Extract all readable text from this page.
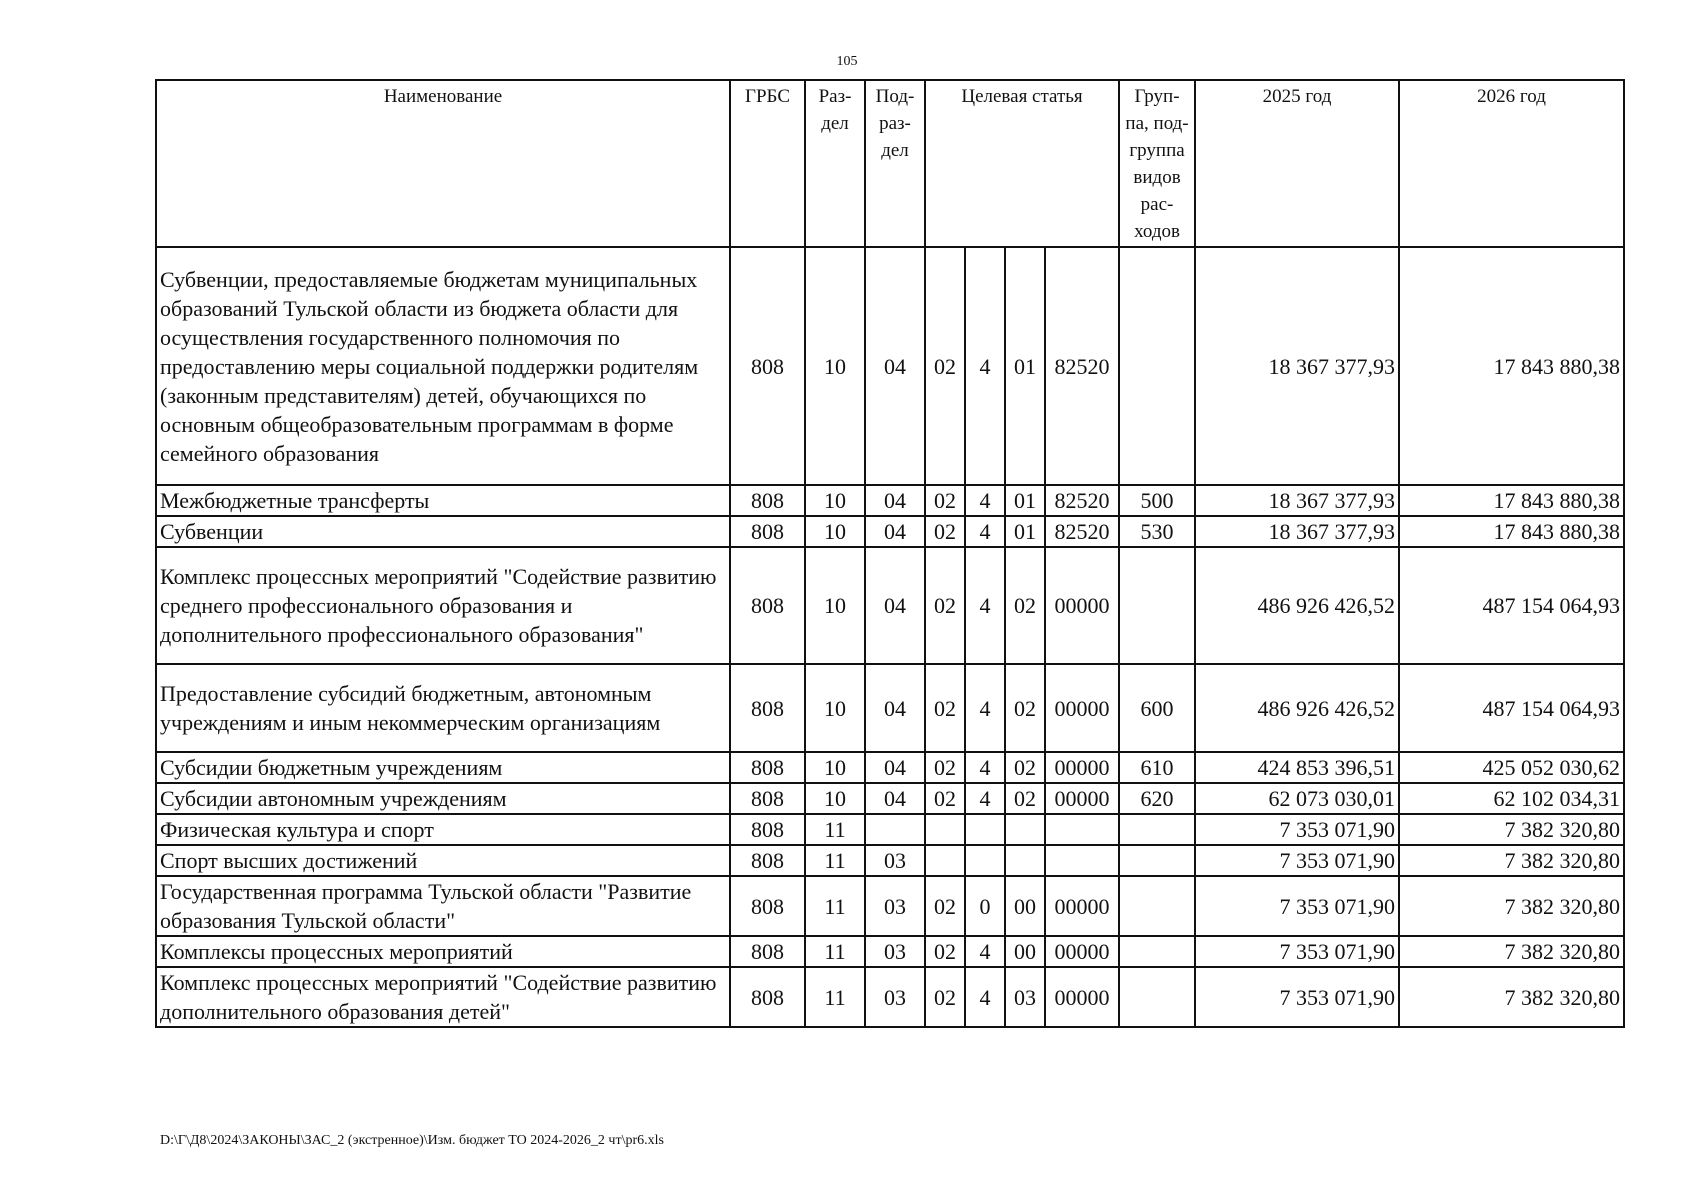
105
Наименование	ГРБС	Раз-дел	Под-раз-дел	Целевая статья				Груп-па, под-группа видов рас-ходов	2025 год	2026 год
Субвенции, предоставляемые бюджетам муниципальных образований Тульской области из бюджета области для осуществления государственного полномочия по предоставлению меры социальной поддержки родителям (законным представителям) детей, обучающихся по основным общеобразовательным программам в форме семейного образования	808	10	04	02	4	01	82520		18 367 377,93	17 843 880,38
Межбюджетные трансферты	808	10	04	02	4	01	82520	500	18 367 377,93	17 843 880,38
Субвенции	808	10	04	02	4	01	82520	530	18 367 377,93	17 843 880,38
Комплекс процессных мероприятий "Содействие развитию среднего профессионального образования и дополнительного профессионального образования"	808	10	04	02	4	02	00000		486 926 426,52	487 154 064,93
Предоставление субсидий бюджетным, автономным учреждениям и иным некоммерческим организациям	808	10	04	02	4	02	00000	600	486 926 426,52	487 154 064,93
Субсидии бюджетным учреждениям	808	10	04	02	4	02	00000	610	424 853 396,51	425 052 030,62
Субсидии автономным учреждениям	808	10	04	02	4	02	00000	620	62 073 030,01	62 102 034,31
Физическая культура и спорт	808	11							7 353 071,90	7 382 320,80
Спорт высших достижений	808	11	03						7 353 071,90	7 382 320,80
Государственная программа Тульской области "Развитие образования Тульской области"	808	11	03	02	0	00	00000		7 353 071,90	7 382 320,80
Комплексы процессных мероприятий	808	11	03	02	4	00	00000		7 353 071,90	7 382 320,80
Комплекс процессных мероприятий "Содействие развитию дополнительного образования детей"	808	11	03	02	4	03	00000		7 353 071,90	7 382 320,80
D:\Г\Д8\2024\ЗАКОНЫ\ЗАС_2 (экстренное)\Изм. бюджет ТО 2024-2026_2 чт\pr6.xls
